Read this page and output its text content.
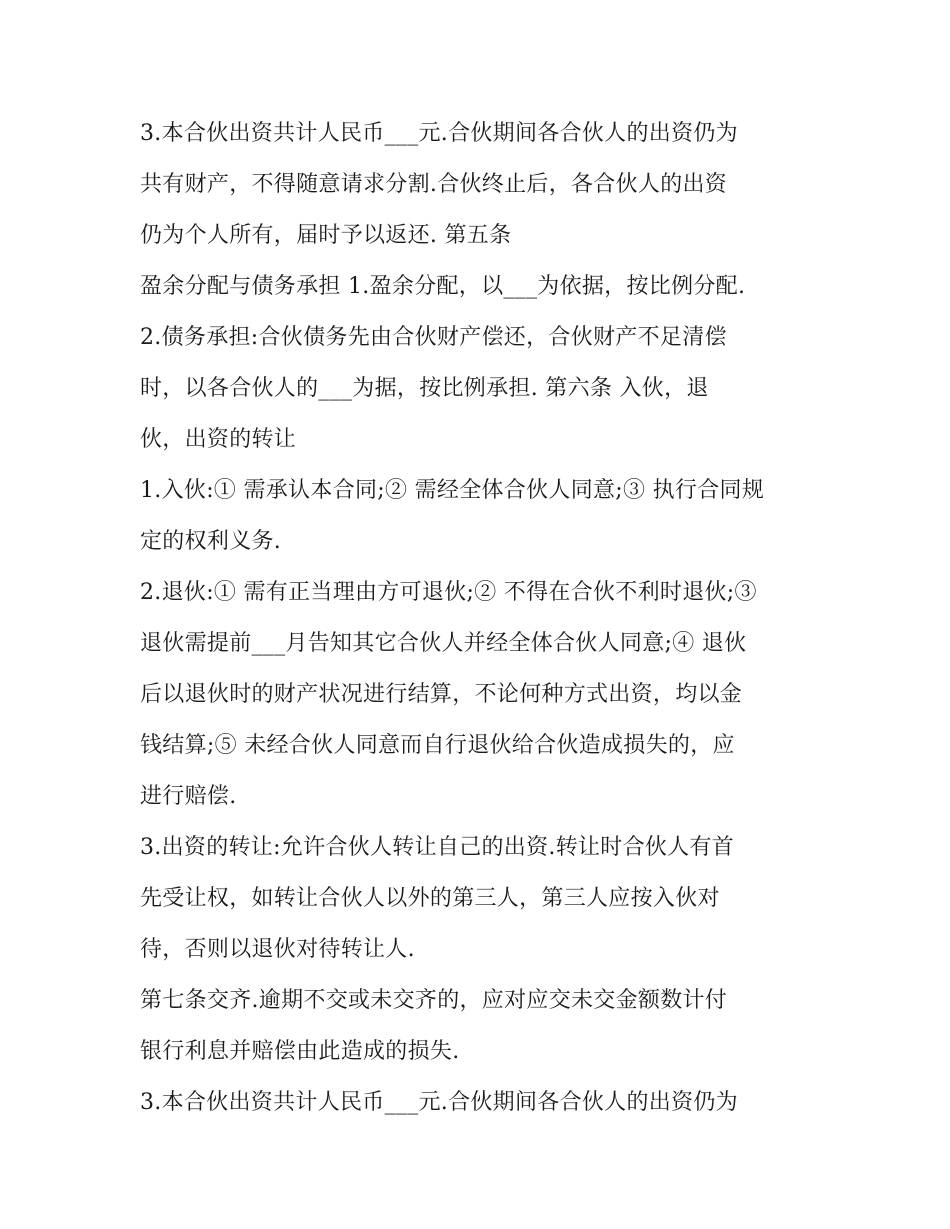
3.本合伙出资共计人民币___元.合伙期间各合伙人的出资仍为
共有财产，不得随意请求分割.合伙终止后，各合伙人的出资
仍为个人所有，届时予以返还. 第五条
盈余分配与债务承担 1.盈余分配，以___为依据，按比例分配.
2.债务承担:合伙债务先由合伙财产偿还，合伙财产不足清偿
时，以各合伙人的___为据，按比例承担. 第六条 入伙，退
伙，出资的转让
1.入伙:① 需承认本合同;② 需经全体合伙人同意;③ 执行合同规
定的权利义务.
2.退伙:① 需有正当理由方可退伙;② 不得在合伙不利时退伙;③
退伙需提前___月告知其它合伙人并经全体合伙人同意;④ 退伙
后以退伙时的财产状况进行结算，不论何种方式出资，均以金
钱结算;⑤ 未经合伙人同意而自行退伙给合伙造成损失的，应
进行赔偿.
3.出资的转让:允许合伙人转让自己的出资.转让时合伙人有首
先受让权，如转让合伙人以外的第三人，第三人应按入伙对
待，否则以退伙对待转让人.
第七条交齐.逾期不交或未交齐的，应对应交未交金额数计付
银行利息并赔偿由此造成的损失.
3.本合伙出资共计人民币___元.合伙期间各合伙人的出资仍为
